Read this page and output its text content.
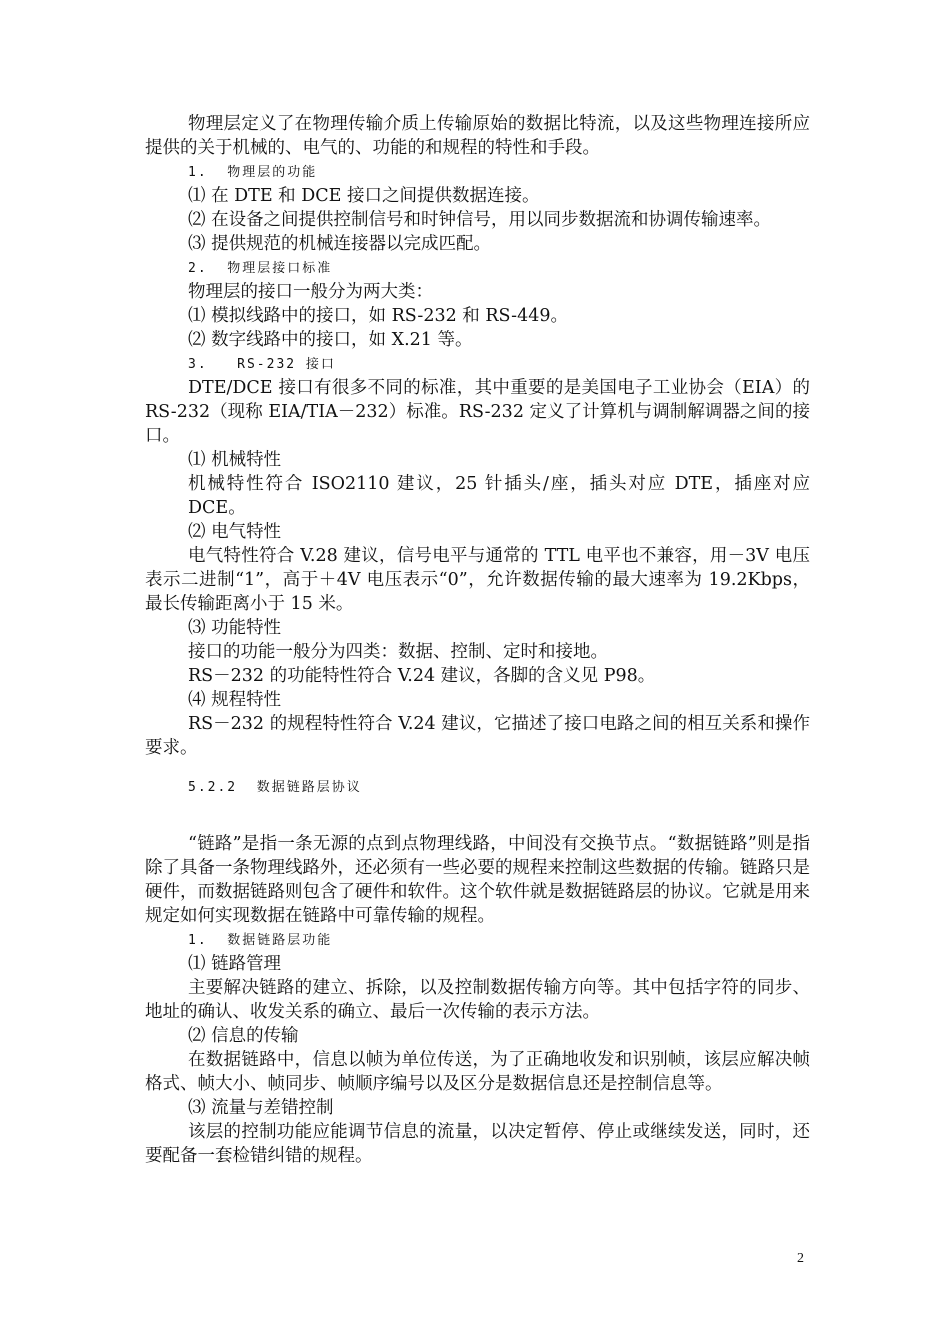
物理层定义了在物理传输介质上传输原始的数据比特流，以及这些物理连接所应提供的关于机械的、电气的、功能的和规程的特性和手段。

1.  物理层的功能

⑴ 在 DTE 和 DCE 接口之间提供数据连接。

⑵ 在设备之间提供控制信号和时钟信号，用以同步数据流和协调传输速率。

⑶ 提供规范的机械连接器以完成匹配。

2.  物理层接口标准

物理层的接口一般分为两大类：

⑴ 模拟线路中的接口，如 RS-232 和 RS-449。

⑵ 数字线路中的接口，如 X.21 等。

3.   RS-232 接口

DTE/DCE 接口有很多不同的标准，其中重要的是美国电子工业协会（EIA）的 RS-232（现称 EIA/TIA－232）标准。RS-232 定义了计算机与调制解调器之间的接口。

⑴ 机械特性

机械特性符合 ISO2110 建议，25 针插头/座，插头对应 DTE，插座对应 DCE。

⑵ 电气特性

电气特性符合 V.28 建议，信号电平与通常的 TTL 电平也不兼容，用－3V 电压表示二进制“1”，高于＋4V 电压表示“0”，允许数据传输的最大速率为 19.2Kbps，最长传输距离小于 15 米。

⑶ 功能特性

接口的功能一般分为四类：数据、控制、定时和接地。

RS－232 的功能特性符合 V.24 建议，各脚的含义见 P98。

⑷ 规程特性

RS－232 的规程特性符合 V.24 建议，它描述了接口电路之间的相互关系和操作要求。

5.2.2  数据链路层协议

“链路”是指一条无源的点到点物理线路，中间没有交换节点。“数据链路”则是指除了具备一条物理线路外，还必须有一些必要的规程来控制这些数据的传输。链路只是硬件，而数据链路则包含了硬件和软件。这个软件就是数据链路层的协议。它就是用来规定如何实现数据在链路中可靠传输的规程。

1.  数据链路层功能

⑴ 链路管理

主要解决链路的建立、拆除，以及控制数据传输方向等。其中包括字符的同步、地址的确认、收发关系的确立、最后一次传输的表示方法。

⑵ 信息的传输

在数据链路中，信息以帧为单位传送，为了正确地收发和识别帧，该层应解决帧格式、帧大小、帧同步、帧顺序编号以及区分是数据信息还是控制信息等。

⑶ 流量与差错控制

该层的控制功能应能调节信息的流量，以决定暂停、停止或继续发送，同时，还要配备一套检错纠错的规程。

2
